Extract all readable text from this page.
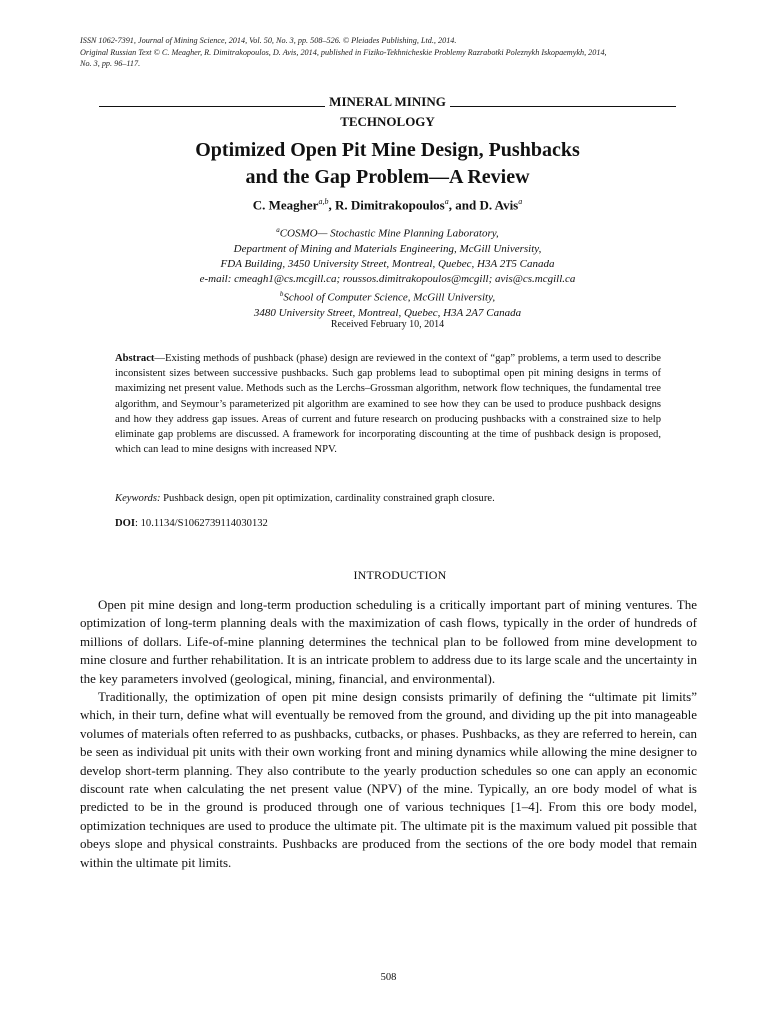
ISSN 1062-7391, Journal of Mining Science, 2014, Vol. 50, No. 3, pp. 508–526. © Pleiades Publishing, Ltd., 2014.
Original Russian Text © C. Meagher, R. Dimitrakopoulos, D. Avis, 2014, published in Fiziko-Tekhnicheskie Problemy Razrabotki Poleznykh Iskopaemykh, 2014,
No. 3, pp. 96–117.
MINERAL MINING
TECHNOLOGY
Optimized Open Pit Mine Design, Pushbacks
and the Gap Problem—A Review
C. Meagher$^{a,b}$, R. Dimitrakopoulos$^a$, and D. Avis$^a$
$^a$COSMO— Stochastic Mine Planning Laboratory,
Department of Mining and Materials Engineering, McGill University,
FDA Building, 3450 University Street, Montreal, Quebec, H3A 2T5 Canada
e-mail: cmeagh1@cs.mcgill.ca; roussos.dimitrakopoulos@mcgill; avis@cs.mcgill.ca
$^b$School of Computer Science, McGill University,
3480 University Street, Montreal, Quebec, H3A 2A7 Canada
Received February 10, 2014
Abstract—Existing methods of pushback (phase) design are reviewed in the context of “gap” problems, a term used to describe inconsistent sizes between successive pushbacks. Such gap problems lead to suboptimal open pit mining designs in terms of maximizing net present value. Methods such as the Lerchs–Grossman algorithm, network flow techniques, the fundamental tree algorithm, and Seymour’s parameterized pit algorithm are examined to see how they can be used to produce pushback designs and how they address gap issues. Areas of current and future research on producing pushbacks with a constrained size to help eliminate gap problems are discussed. A framework for incorporating discounting at the time of pushback design is proposed, which can lead to mine designs with increased NPV.
Keywords: Pushback design, open pit optimization, cardinality constrained graph closure.
DOI: 10.1134/S1062739114030132
INTRODUCTION

Open pit mine design and long-term production scheduling is a critically important part of mining ventures. The optimization of long-term planning deals with the maximization of cash flows, typically in the order of hundreds of millions of dollars. Life-of-mine planning determines the technical plan to be followed from mine development to mine closure and further rehabilitation. It is an intricate problem to address due to its large scale and the uncertainty in the key parameters involved (geological, mining, financial, and environmental).

Traditionally, the optimization of open pit mine design consists primarily of defining the “ultimate pit limits” which, in their turn, define what will eventually be removed from the ground, and dividing up the pit into manageable volumes of materials often referred to as pushbacks, cutbacks, or phases. Pushbacks, as they are referred to herein, can be seen as individual pit units with their own working front and mining dynamics while allowing the mine designer to develop short-term planning. They also contribute to the yearly production schedules so one can apply an economic discount rate when calculating the net present value (NPV) of the mine. Typically, an ore body model of what is predicted to be in the ground is produced through one of various techniques [1–4]. From this ore body model, optimization techniques are used to produce the ultimate pit. The ultimate pit is the maximum valued pit possible that obeys slope and physical constraints. Pushbacks are produced from the sections of the ore body model that remain within the ultimate pit limits.

508
